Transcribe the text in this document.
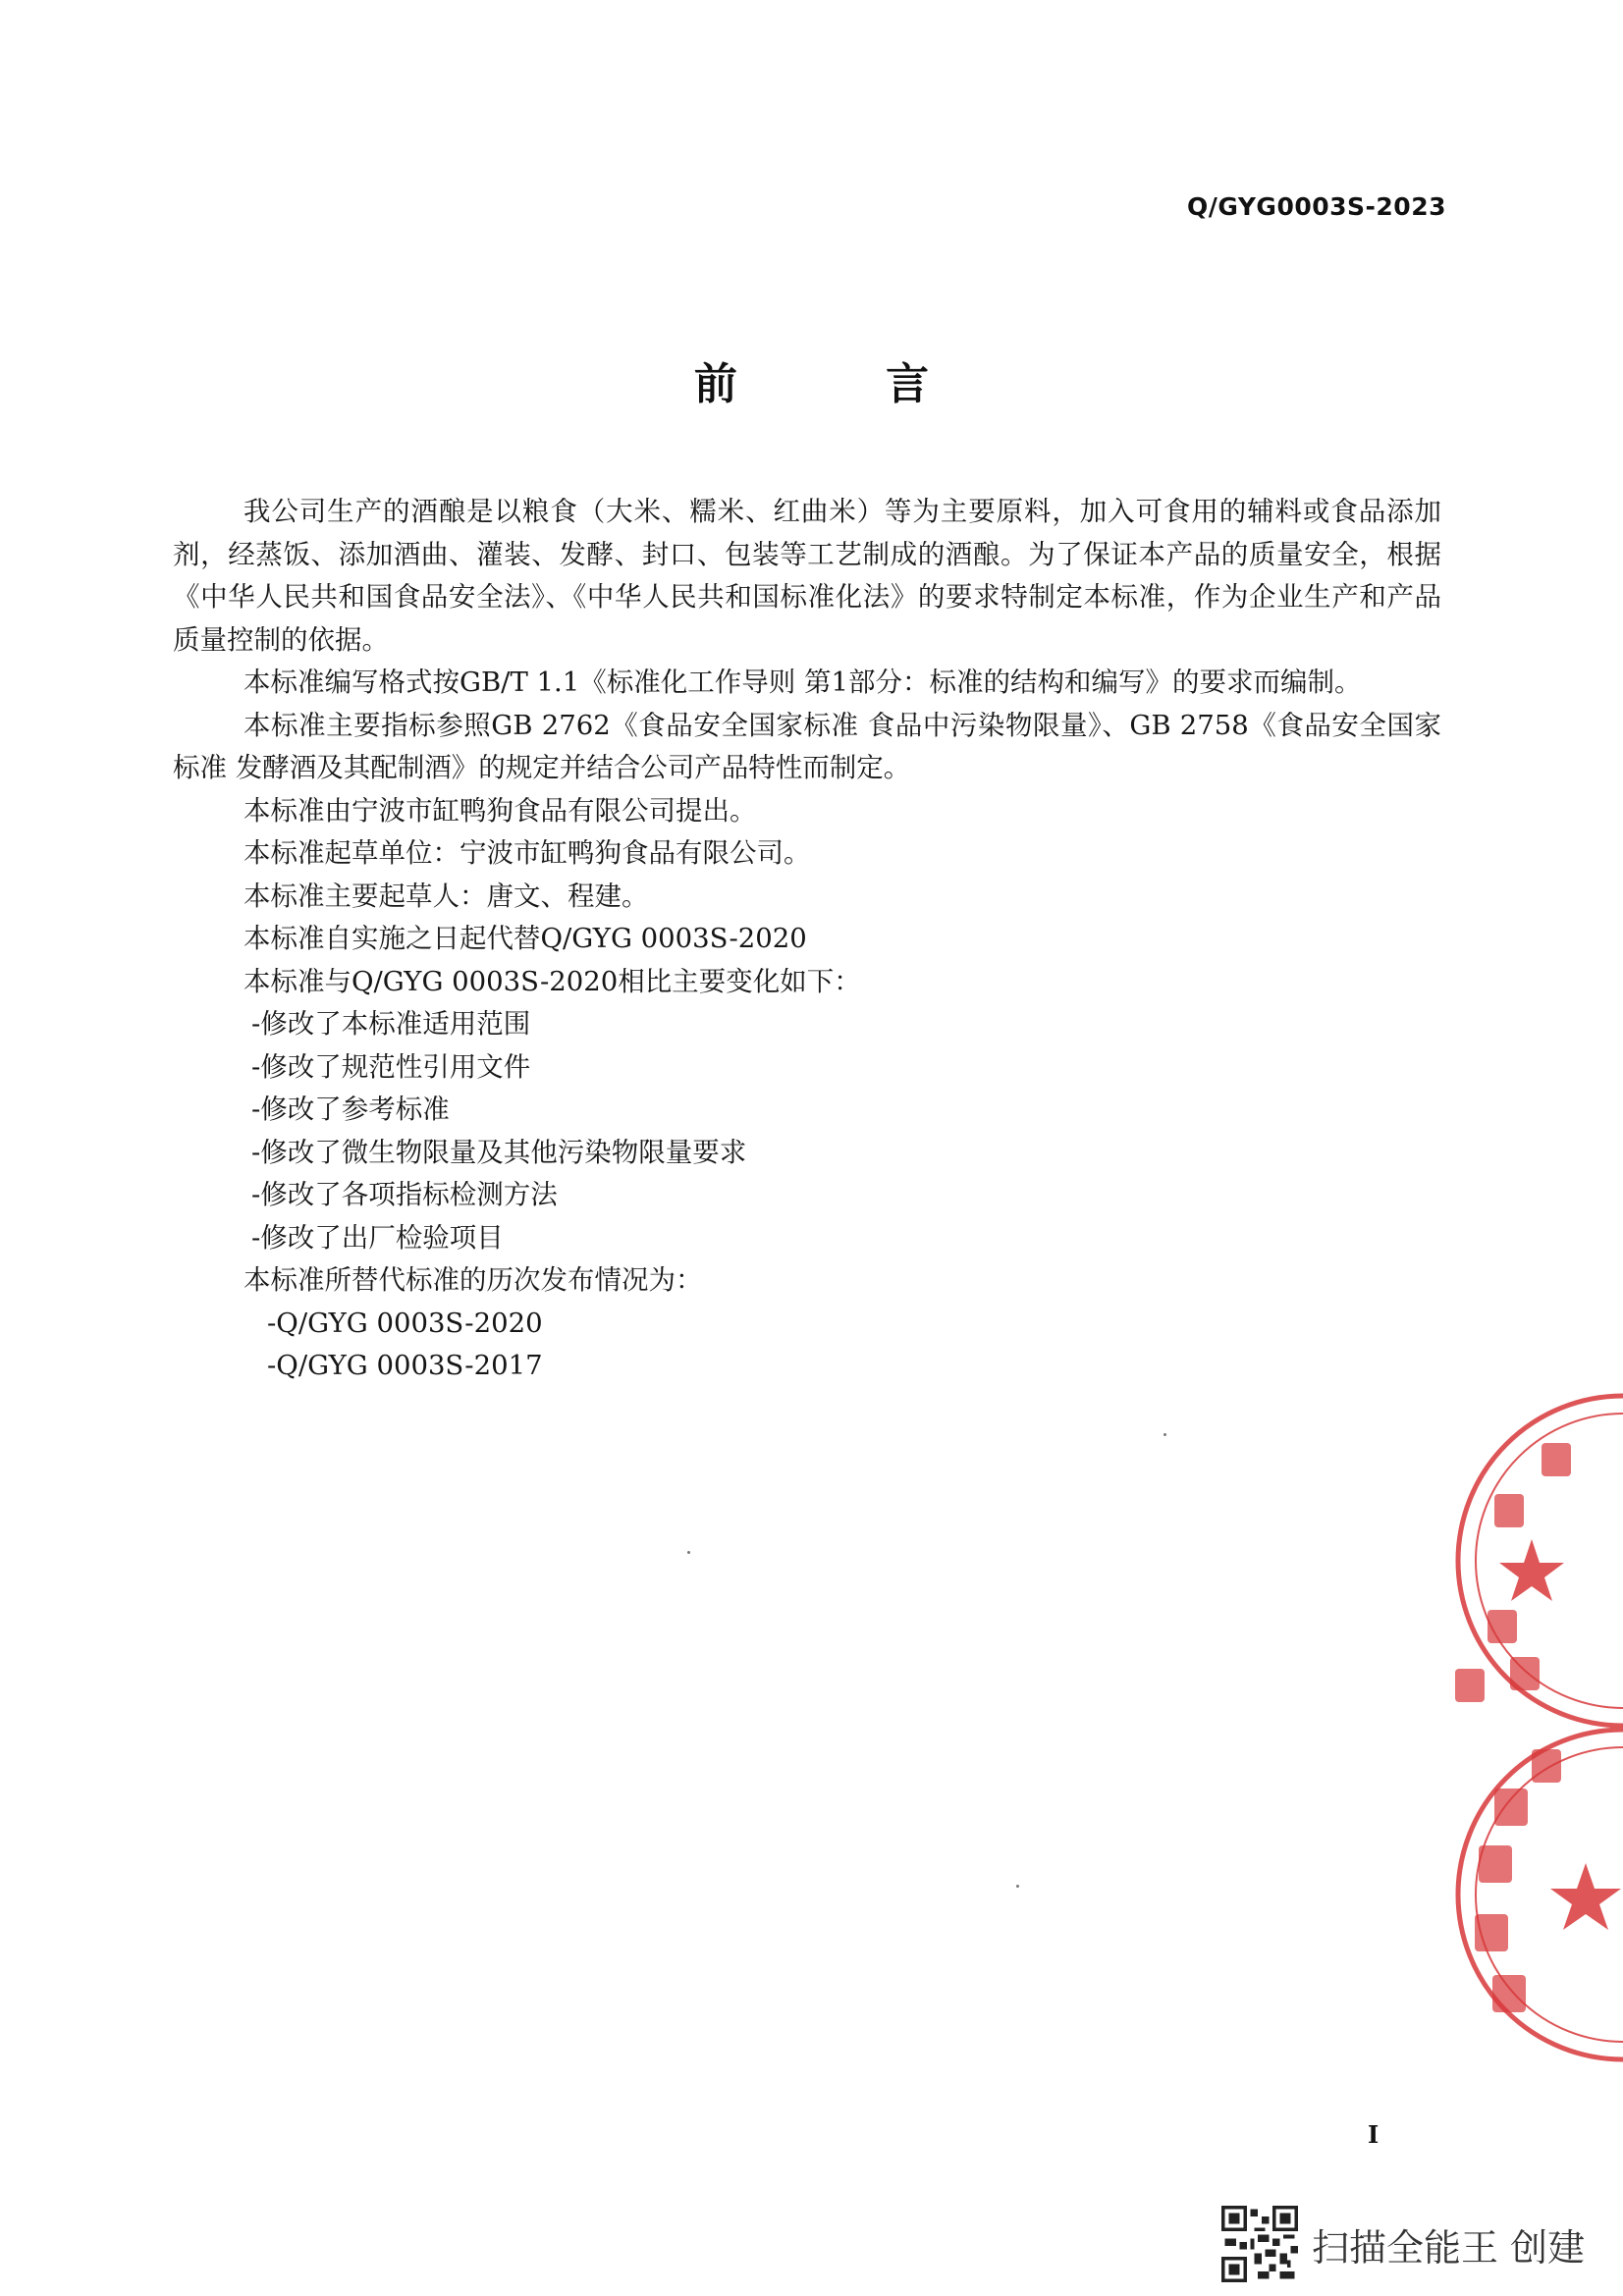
Q/GYG0003S-2023
前 言

我公司生产的酒酿是以粮食（大米、糯米、红曲米）等为主要原料，加入可食用的辅料或食品添加剂，经蒸饭、添加酒曲、灌装、发酵、封口、包装等工艺制成的酒酿。为了保证本产品的质量安全，根据《中华人民共和国食品安全法》、《中华人民共和国标准化法》的要求特制定本标准，作为企业生产和产品质量控制的依据。

本标准编写格式按GB/T 1.1《标准化工作导则 第1部分：标准的结构和编写》的要求而编制。

本标准主要指标参照GB 2762《食品安全国家标准 食品中污染物限量》、GB 2758《食品安全国家标准 发酵酒及其配制酒》的规定并结合公司产品特性而制定。

本标准由宁波市缸鸭狗食品有限公司提出。

本标准起草单位：宁波市缸鸭狗食品有限公司。

本标准主要起草人：唐文、程建。

本标准自实施之日起代替Q/GYG 0003S-2020

本标准与Q/GYG 0003S-2020相比主要变化如下：

-修改了本标准适用范围

-修改了规范性引用文件

-修改了参考标准

-修改了微生物限量及其他污染物限量要求

-修改了各项指标检测方法

-修改了出厂检验项目

本标准所替代标准的历次发布情况为：

-Q/GYG 0003S-2020

-Q/GYG 0003S-2017

I
扫描全能王 创建
